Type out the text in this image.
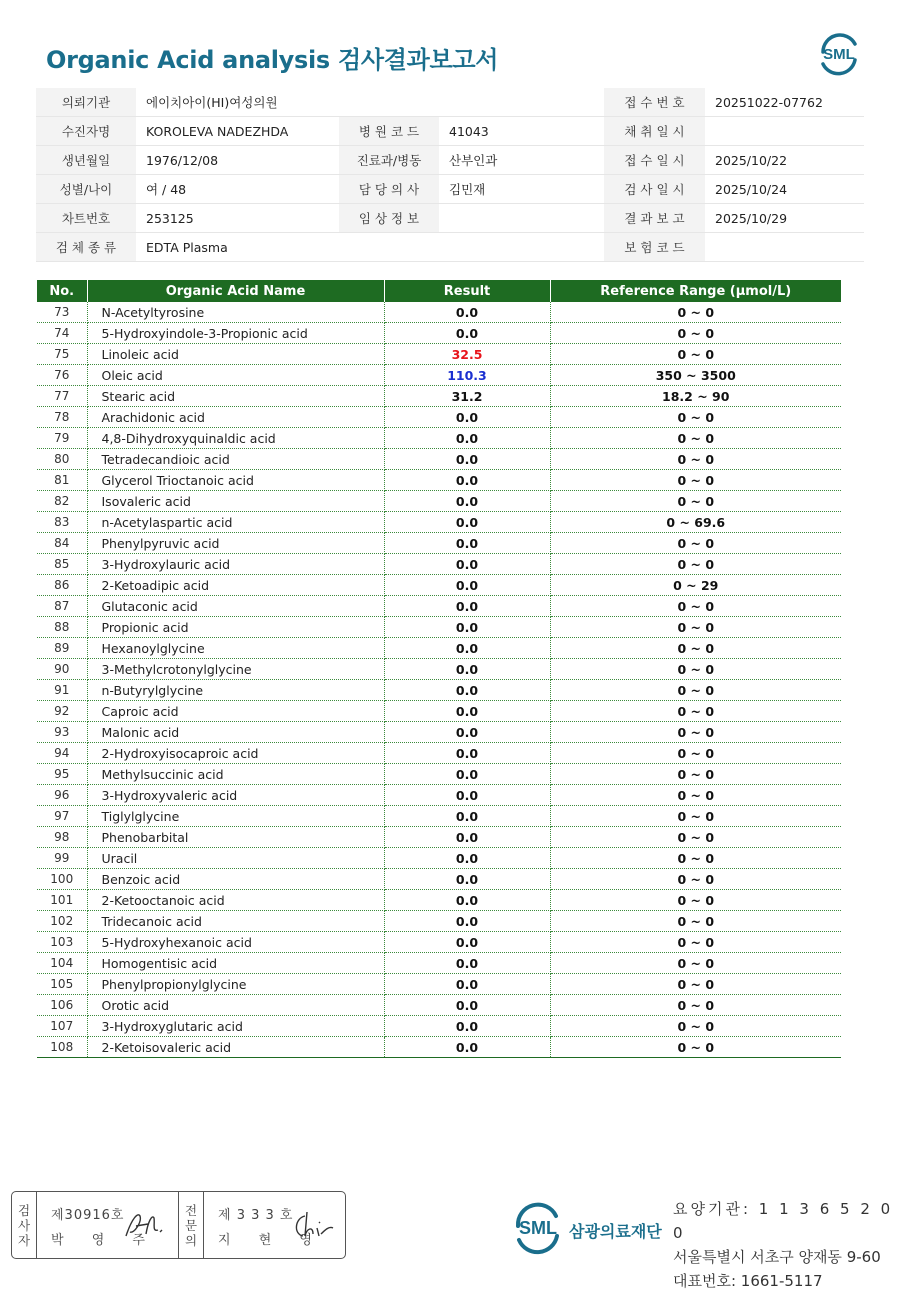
Organic Acid analysis 검사결과보고서	SML
의뢰기관	에이치아이(HI)여성의원			접 수 번 호	20251022-07762
수진자명	KOROLEVA NADEZHDA	병 원 코 드	41043	채 취 일 시	
생년월일	1976/12/08	진료과/병동	산부인과	접 수 일 시	2025/10/22
성별/나이	여 / 48	담 당 의 사	김민재	검 사 일 시	2025/10/24
차트번호	253125	임 상 정 보		결 과 보 고	2025/10/29
검 체 종 류	EDTA Plasma			보 험 코 드	
No.	Organic Acid Name	Result	Reference Range (μmol/L)
73	N-Acetyltyrosine	0.0	0 ~ 0
74	5-Hydroxyindole-3-Propionic acid	0.0	0 ~ 0
75	Linoleic acid	32.5	0 ~ 0
76	Oleic acid	110.3	350 ~ 3500
77	Stearic acid	31.2	18.2 ~ 90
78	Arachidonic acid	0.0	0 ~ 0
79	4,8-Dihydroxyquinaldic acid	0.0	0 ~ 0
80	Tetradecandioic acid	0.0	0 ~ 0
81	Glycerol Trioctanoic acid	0.0	0 ~ 0
82	Isovaleric acid	0.0	0 ~ 0
83	n-Acetylaspartic acid	0.0	0 ~ 69.6
84	Phenylpyruvic acid	0.0	0 ~ 0
85	3-Hydroxylauric acid	0.0	0 ~ 0
86	2-Ketoadipic acid	0.0	0 ~ 29
87	Glutaconic acid	0.0	0 ~ 0
88	Propionic acid	0.0	0 ~ 0
89	Hexanoylglycine	0.0	0 ~ 0
90	3-Methylcrotonylglycine	0.0	0 ~ 0
91	n-Butyrylglycine	0.0	0 ~ 0
92	Caproic acid	0.0	0 ~ 0
93	Malonic acid	0.0	0 ~ 0
94	2-Hydroxyisocaproic acid	0.0	0 ~ 0
95	Methylsuccinic acid	0.0	0 ~ 0
96	3-Hydroxyvaleric acid	0.0	0 ~ 0
97	Tiglylglycine	0.0	0 ~ 0
98	Phenobarbital	0.0	0 ~ 0
99	Uracil	0.0	0 ~ 0
100	Benzoic acid	0.0	0 ~ 0
101	2-Ketooctanoic acid	0.0	0 ~ 0
102	Tridecanoic acid	0.0	0 ~ 0
103	5-Hydroxyhexanoic acid	0.0	0 ~ 0
104	Homogentisic acid	0.0	0 ~ 0
105	Phenylpropionylglycine	0.0	0 ~ 0
106	Orotic acid	0.0	0 ~ 0
107	3-Hydroxyglutaric acid	0.0	0 ~ 0
108	2-Ketoisovaleric acid	0.0	0 ~ 0
검
사
자
제30916호
박 영 주
전
문
의
제 3 3 3 호
지 현 영
SML 삼광의료재단
요양기관: 1 1 3 6 5 2 0 0
서울특별시 서초구 양재동 9-60
대표번호: 1661-5117
